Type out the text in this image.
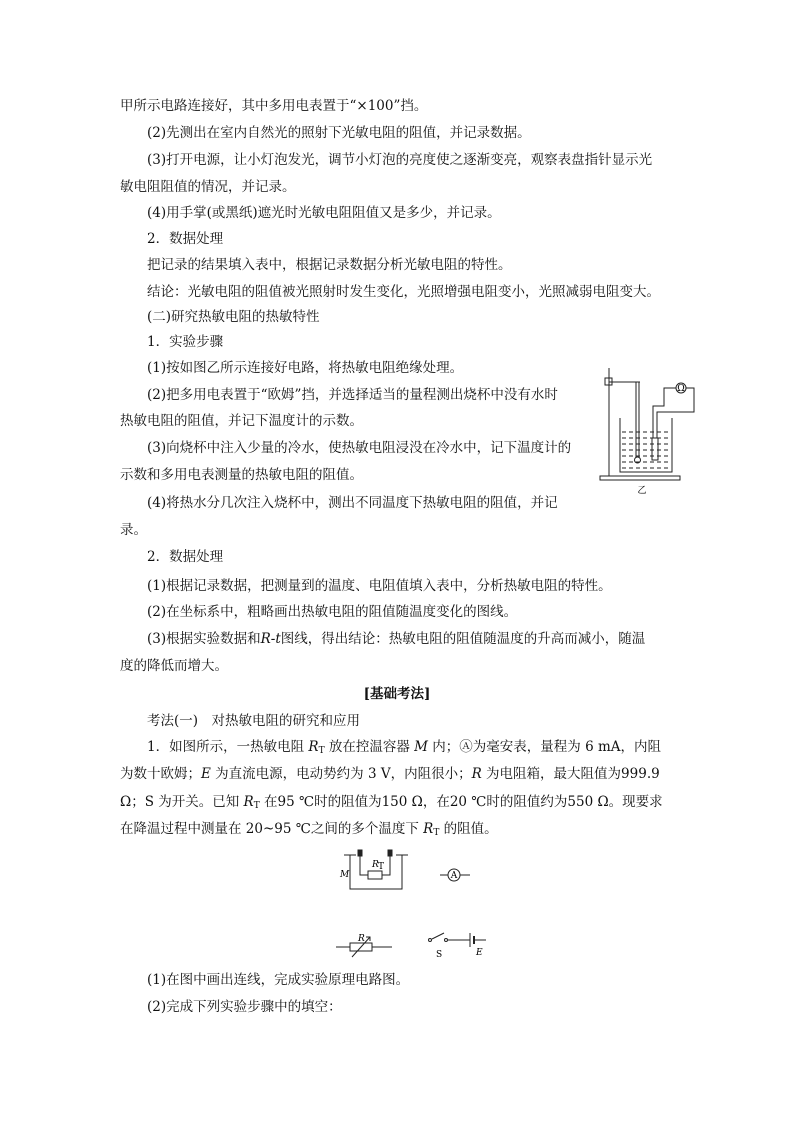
甲所示电路连接好，其中多用电表置于“×100”挡。
(2)先测出在室内自然光的照射下光敏电阻的阻值，并记录数据。
(3)打开电源，让小灯泡发光，调节小灯泡的亮度使之逐渐变亮，观察表盘指针显示光
敏电阻阻值的情况，并记录。
(4)用手掌(或黑纸)遮光时光敏电阻阻值又是多少，并记录。
2．数据处理
把记录的结果填入表中，根据记录数据分析光敏电阻的特性。
结论：光敏电阻的阻值被光照射时发生变化，光照增强电阻变小，光照减弱电阻变大。
(二)研究热敏电阻的热敏特性
1．实验步骤
(1)按如图乙所示连接好电路，将热敏电阻绝缘处理。
(2)把多用电表置于“欧姆”挡，并选择适当的量程测出烧杯中没有水时
热敏电阻的阻值，并记下温度计的示数。
(3)向烧杯中注入少量的冷水，使热敏电阻浸没在冷水中，记下温度计的
示数和多用电表测量的热敏电阻的阻值。
(4)将热水分几次注入烧杯中，测出不同温度下热敏电阻的阻值，并记
录。
2．数据处理
(1)根据记录数据，把测量到的温度、电阻值填入表中，分析热敏电阻的特性。
(2)在坐标系中，粗略画出热敏电阻的阻值随温度变化的图线。
(3)根据实验数据和R-t图线，得出结论：热敏电阻的阻值随温度的升高而减小，随温
度的降低而增大。
[基础考法]
考法(一)　对热敏电阻的研究和应用
1．如图所示，一热敏电阻 $R_T$ 放在控温容器 M 内；Ⓐ为毫安表，量程为 6 mA，内阻
为数十欧姆；E 为直流电源，电动势约为 3 V，内阻很小；R 为电阻箱，最大阻值为999.9
Ω；S 为开关。已知 $R_T$ 在95 ℃时的阻值为150 Ω，在20 ℃时的阻值约为550 Ω。现要求
在降温过程中测量在 20~95 ℃之间的多个温度下 $R_T$ 的阻值。
(1)在图中画出连线，完成实验原理电路图。
(2)完成下列实验步骤中的填空：
Ω
乙
M
R T
A
R
S	E
